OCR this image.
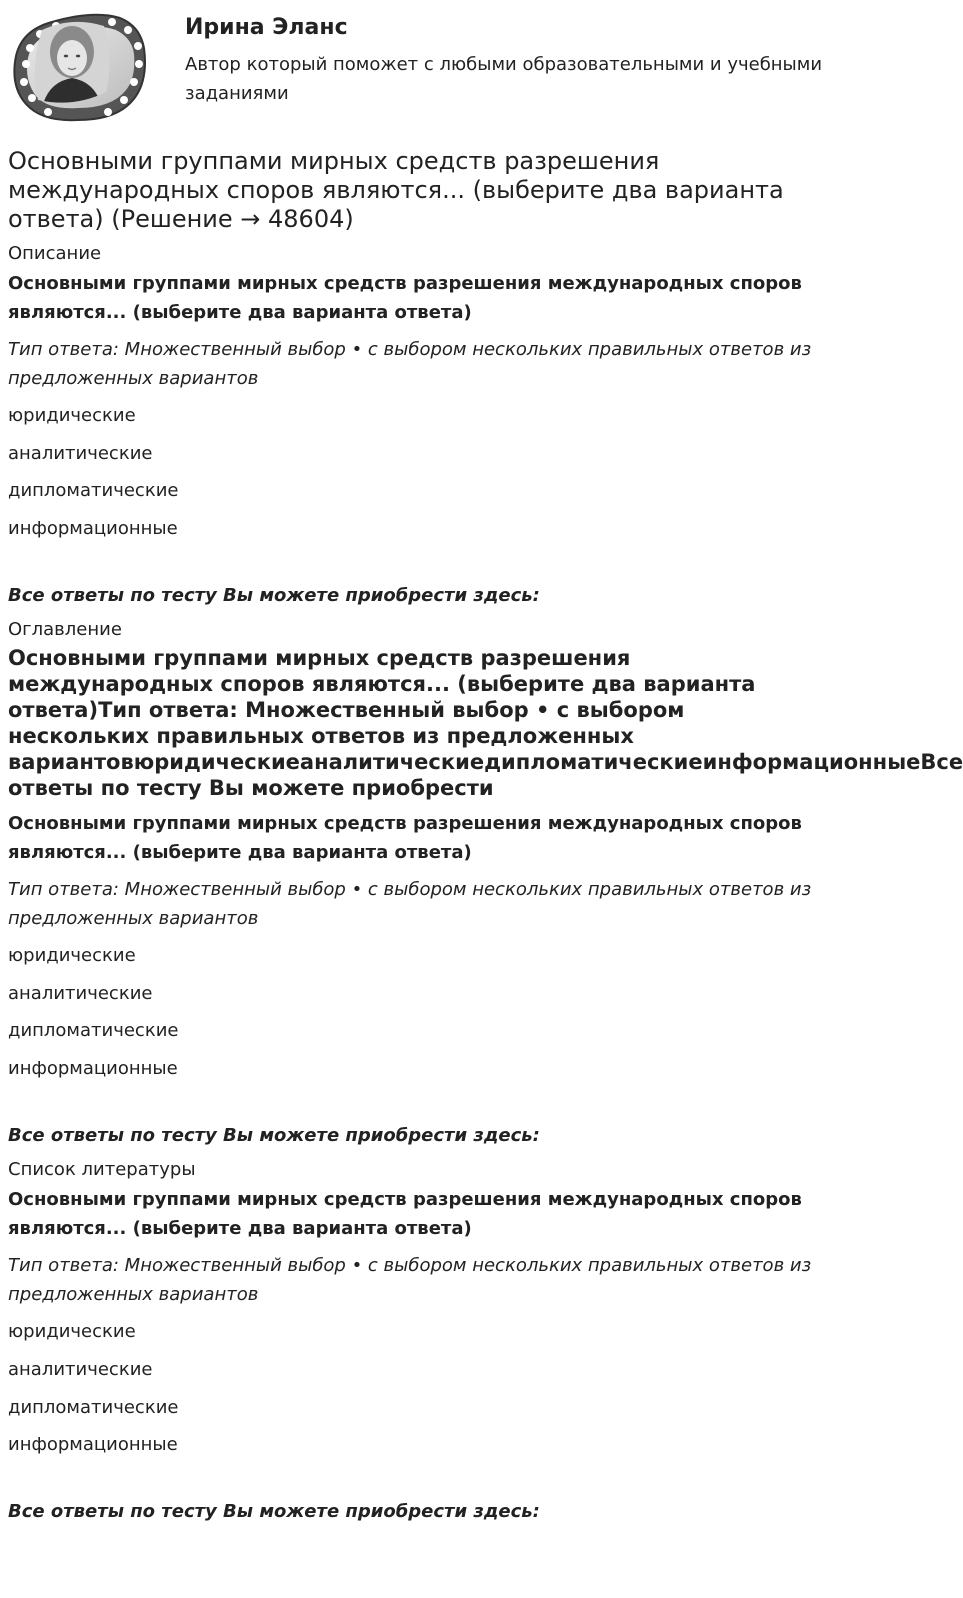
Ирина Эланс
Автор который поможет с любыми образовательными и учебными заданиями
Основными группами мирных средств разрешения международных споров являются... (выберите два варианта ответа) (Решение → 48604)
Описание
Основными группами мирных средств разрешения международных споров являются... (выберите два варианта ответа)
Тип ответа: Множественный выбор • с выбором нескольких правильных ответов из предложенных вариантов
юридические
аналитические
дипломатические
информационные
Все ответы по тесту Вы можете приобрести здесь:
Оглавление
Основными группами мирных средств разрешения
международных споров являются... (выберите два варианта
ответа)Тип ответа: Множественный выбор • с выбором
нескольких правильных ответов из предложенных
вариантовюридическиеаналитическиедипломатическиеинформационныеВсе
ответы по тесту Вы можете приобрести
Основными группами мирных средств разрешения международных споров являются... (выберите два варианта ответа)
Тип ответа: Множественный выбор • с выбором нескольких правильных ответов из предложенных вариантов
юридические
аналитические
дипломатические
информационные
Все ответы по тесту Вы можете приобрести здесь:
Список литературы
Основными группами мирных средств разрешения международных споров являются... (выберите два варианта ответа)
Тип ответа: Множественный выбор • с выбором нескольких правильных ответов из предложенных вариантов
юридические
аналитические
дипломатические
информационные
Все ответы по тесту Вы можете приобрести здесь:
